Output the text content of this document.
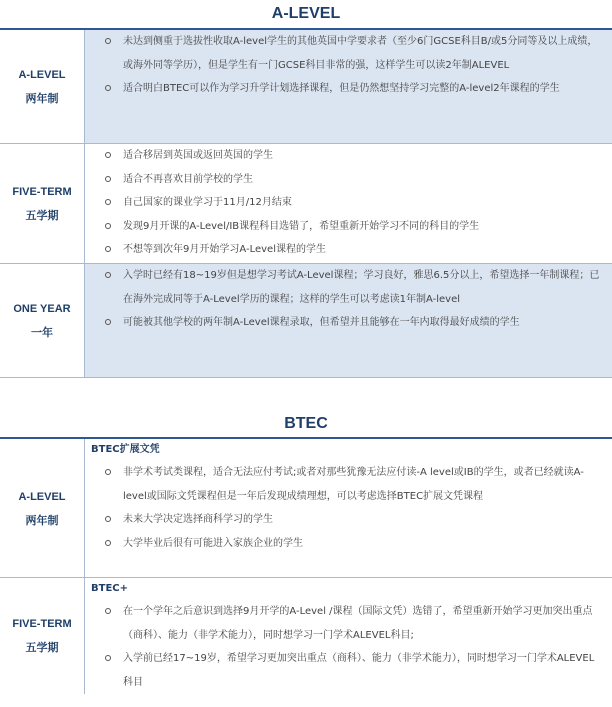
A-LEVEL
A-LEVEL
两年制
未达到侧重于选拔性收取A-level学生的其他英国中学要求者（至少6门GCSE科目B/或5分同等及以上成绩，或海外同等学历），但是学生有一门GCSE科目非常的强，这样学生可以读2年制ALEVEL
适合明白BTEC可以作为学习升学计划选择课程，但是仍然想坚持学习完整的A-level2年课程的学生
FIVE-TERM
五学期
适合移居到英国或返回英国的学生
适合不再喜欢目前学校的学生
自己国家的课业学习于11月/12月结束
发现9月开课的A-Level/IB课程科目选错了，希望重新开始学习不同的科目的学生
不想等到次年9月开始学习A-Level课程的学生
ONE YEAR
一年
入学时已经有18~19岁但是想学习考试A-Level课程；学习良好，雅思6.5分以上，希望选择一年制课程；已在海外完成同等于A-Level学历的课程；这样的学生可以考虑读1年制A-level
可能被其他学校的两年制A-Level课程录取，但希望并且能够在一年内取得最好成绩的学生
BTEC
A-LEVEL
两年制
BTEC扩展文凭
非学术考试类课程，适合无法应付考试;或者对那些犹豫无法应付读-A level或IB的学生，或者已经就读A-level或国际文凭课程但是一年后发现成绩理想，可以考虑选择BTEC扩展文凭课程
未来大学决定选择商科学习的学生
大学毕业后很有可能进入家族企业的学生
FIVE-TERM
五学期
BTEC+
在一个学年之后意识到选择9月开学的A-Level /课程（国际文凭）选错了，希望重新开始学习更加突出重点（商科）、能力（非学术能力），同时想学习一门学术ALEVEL科目;
入学前已经17~19岁，希望学习更加突出重点（商科）、能力（非学术能力），同时想学习一门学术ALEVEL科目
